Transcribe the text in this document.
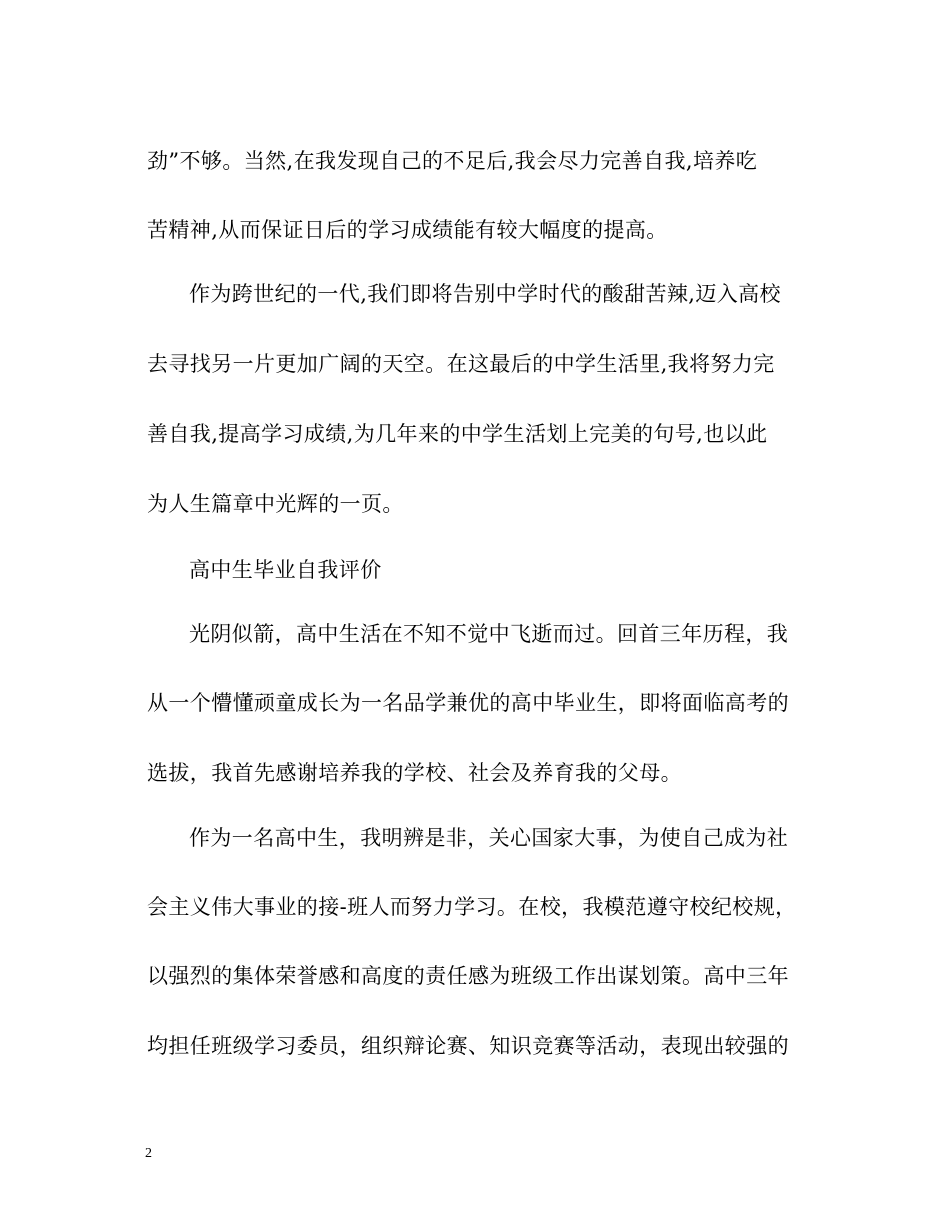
劲”不够。当然,在我发现自己的不足后,我会尽力完善自我,培养吃
苦精神,从而保证日后的学习成绩能有较大幅度的提高。
作为跨世纪的一代,我们即将告别中学时代的酸甜苦辣,迈入高校
去寻找另一片更加广阔的天空。在这最后的中学生活里,我将努力完
善自我,提高学习成绩,为几年来的中学生活划上完美的句号,也以此
为人生篇章中光辉的一页。
高中生毕业自我评价
光阴似箭，高中生活在不知不觉中飞逝而过。回首三年历程，我
从一个懵懂顽童成长为一名品学兼优的高中毕业生，即将面临高考的
选拔，我首先感谢培养我的学校、社会及养育我的父母。
作为一名高中生，我明辨是非，关心国家大事，为使自己成为社
会主义伟大事业的接-班人而努力学习。在校，我模范遵守校纪校规，
以强烈的集体荣誉感和高度的责任感为班级工作出谋划策。高中三年
均担任班级学习委员，组织辩论赛、知识竞赛等活动，表现出较强的
2
